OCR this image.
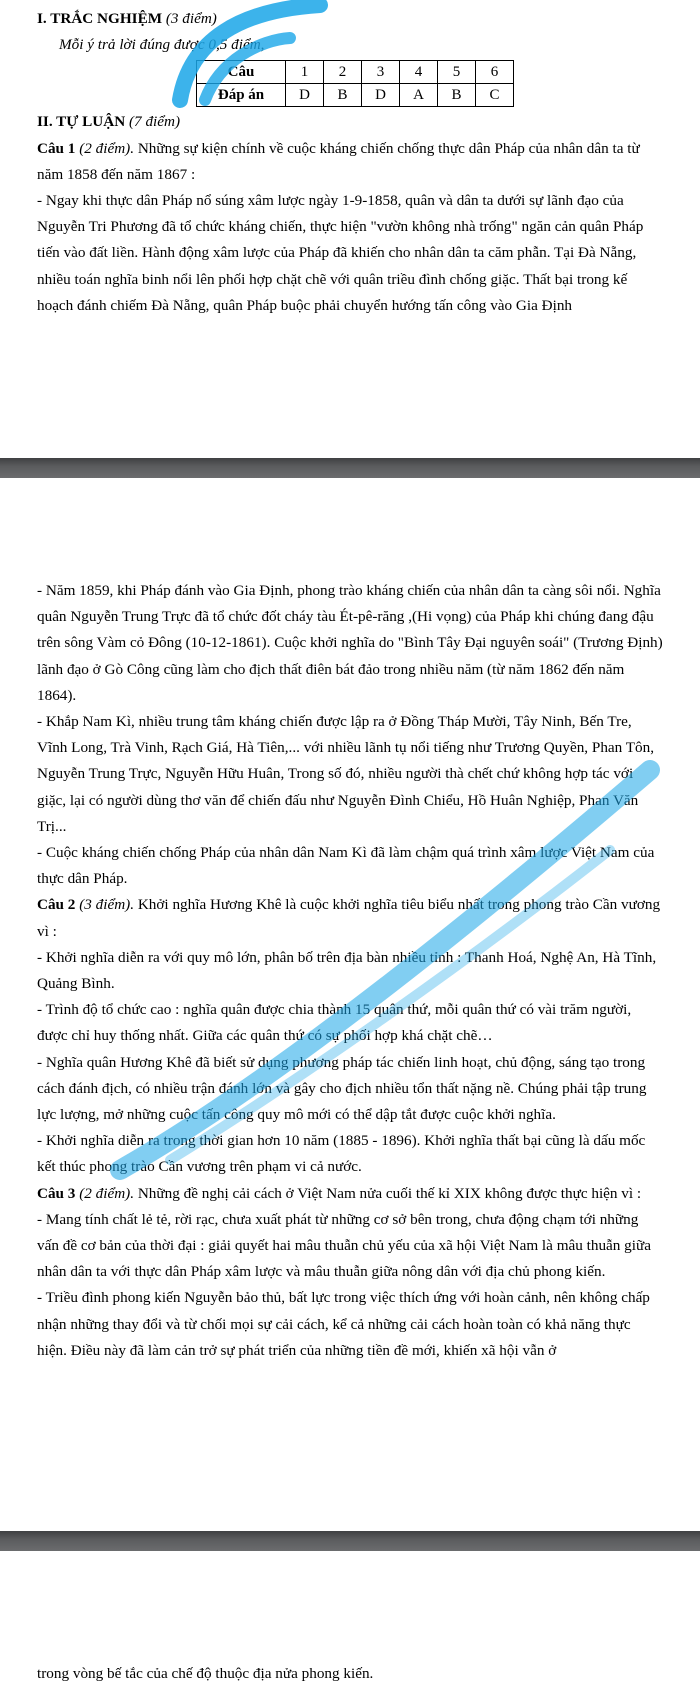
I. TRẮC NGHIỆM (3 điểm)
Mỗi ý trả lời đúng được 0,5 điểm,
Câu	1	2	3	4	5	6
Đáp án	D	B	D	A	B	C
II. TỰ LUẬN (7 điểm)

Câu 1 (2 điểm). Những sự kiện chính về cuộc kháng chiến chống thực dân Pháp của nhân dân ta từ năm 1858 đến năm 1867 :

- Ngay khi thực dân Pháp nổ súng xâm lược ngày 1-9-1858, quân và dân ta dưới sự lãnh đạo của Nguyễn Tri Phương đã tổ chức kháng chiến, thực hiện "vườn không nhà trống" ngăn cản quân Pháp tiến vào đất liền. Hành động xâm lược của Pháp đã khiến cho nhân dân ta căm phẫn. Tại Đà Nẵng, nhiều toán nghĩa binh nổi lên phối hợp chặt chẽ với quân triều đình chống giặc. Thất bại trong kế hoạch đánh chiếm Đà Nẵng, quân Pháp buộc phải chuyển hướng tấn công vào Gia Định

- Năm 1859, khi Pháp đánh vào Gia Định, phong trào kháng chiến của nhân dân ta càng sôi nổi. Nghĩa quân Nguyễn Trung Trực đã tổ chức đốt cháy tàu Ét-pê-răng ,(Hi vọng) của Pháp khi chúng đang đậu trên sông Vàm cỏ Đông (10-12-1861). Cuộc khởi nghĩa do "Bình Tây Đại nguyên soái" (Trương Định) lãnh đạo ở Gò Công cũng làm cho địch thất điên bát đảo trong nhiều năm (từ năm 1862 đến năm 1864).

- Khắp Nam Kì, nhiều trung tâm kháng chiến được lập ra ở Đồng Tháp Mười, Tây Ninh, Bến Tre, Vĩnh Long, Trà Vinh, Rạch Giá, Hà Tiên,... với nhiều lãnh tụ nổi tiếng như Trương Quyền, Phan Tôn, Nguyễn Trung Trực, Nguyễn Hữu Huân, Trong số đó, nhiều người thà chết chứ không hợp tác với giặc, lại có người dùng thơ văn để chiến đấu như Nguyễn Đình Chiểu, Hồ Huân Nghiệp, Phan Văn Trị...

- Cuộc kháng chiến chống Pháp của nhân dân Nam Kì đã làm chậm quá trình xâm lược Việt Nam của thực dân Pháp.

Câu 2 (3 điểm). Khởi nghĩa Hương Khê là cuộc khởi nghĩa tiêu biểu nhất trong phong trào Cần vương vì :

- Khởi nghĩa diễn ra với quy mô lớn, phân bố trên địa bàn nhiều tỉnh : Thanh Hoá, Nghệ An, Hà Tĩnh, Quảng Bình.

- Trình độ tổ chức cao : nghĩa quân được chia thành 15 quân thứ, mỗi quân thứ có vài trăm người, được chỉ huy thống nhất. Giữa các quân thứ có sự phối hợp khá chặt chẽ…

- Nghĩa quân Hương Khê đã biết sử dụng phương pháp tác chiến linh hoạt, chủ động, sáng tạo trong cách đánh địch, có nhiều trận đánh lớn và gây cho địch nhiều tổn thất nặng nề. Chúng phải tập trung lực lượng, mở những cuộc tấn công quy mô mới có thể dập tắt được cuộc khởi nghĩa.

- Khởi nghĩa diễn ra trong thời gian hơn 10 năm (1885 - 1896). Khởi nghĩa thất bại cũng là dấu mốc kết thúc phong trào Cần vương trên phạm vi cả nước.

Câu 3 (2 điểm). Những đề nghị cải cách ở Việt Nam nửa cuối thế kỉ XIX không được thực hiện vì :

- Mang tính chất lẻ tẻ, rời rạc, chưa xuất phát từ những cơ sở bên trong, chưa động chạm tới những vấn đề cơ bản của thời đại : giải quyết hai mâu thuẫn chủ yếu của xã hội Việt Nam là mâu thuẫn giữa nhân dân ta với thực dân Pháp xâm lược và mâu thuẫn giữa nông dân với địa chủ phong kiến.

- Triều đình phong kiến Nguyễn bảo thủ, bất lực trong việc thích ứng với hoàn cảnh, nên không chấp nhận những thay đổi và từ chối mọi sự cải cách, kể cả những cải cách hoàn toàn có khả năng thực hiện. Điều này đã làm cản trở sự phát triển của những tiền đề mới, khiến xã hội vẫn ở

trong vòng bế tắc của chế độ thuộc địa nửa phong kiến.
